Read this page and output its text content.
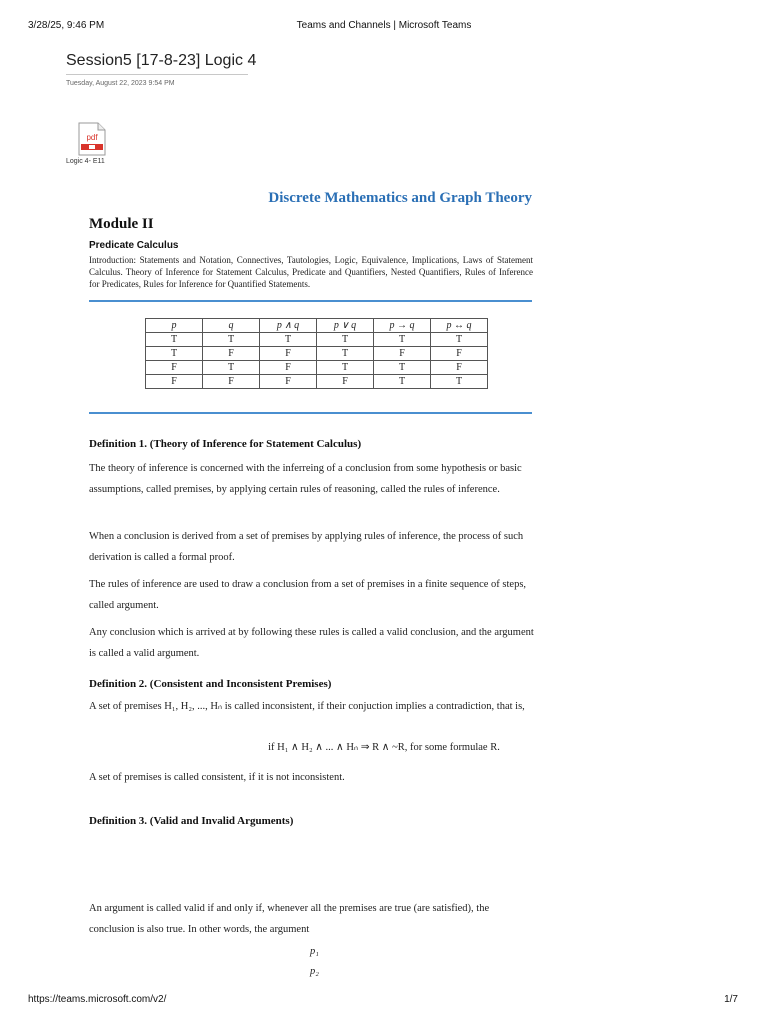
3/28/25, 9:46 PM	Teams and Channels | Microsoft Teams
Session5 [17-8-23] Logic 4
Tuesday, August 22, 2023 9:54 PM
pdf
Logic 4- E11
Discrete Mathematics and Graph Theory
Module II
Predicate Calculus
Introduction: Statements and Notation, Connectives, Tautologies, Logic, Equivalence, Implications, Laws of Statement Calculus. Theory of Inference for Statement Calculus, Predicate and Quantifiers, Nested Quantifiers, Rules of Inference for Predicates, Rules for Inference for Quantified Statements.
p	q	p ∧ q	p ∨ q	p → q	p ↔ q
T	T	T	T	T	T
T	F	F	T	F	F
F	T	F	T	T	F
F	F	F	F	T	T
Definition 1. (Theory of Inference for Statement Calculus)
The theory of inference is concerned with the inferreing of a conclusion from some hypothesis or basic assumptions, called premises, by applying certain rules of reasoning, called the rules of inference.
When a conclusion is derived from a set of premises by applying rules of inference, the process of such derivation is called a formal proof.
The rules of inference are used to draw a conclusion from a set of premises in a finite sequence of steps, called argument.
Any conclusion which is arrived at by following these rules is called a valid conclusion, and the argument is called a valid argument.
Definition 2. (Consistent and Inconsistent Premises)
A set of premises H₁, H₂, ..., Hₙ is called inconsistent, if their conjuction implies a contradiction, that is,
if H₁ ∧ H₂ ∧ ... ∧ Hₙ ⇒ R ∧ ~R, for some formulae R.
A set of premises is called consistent, if it is not inconsistent.
Definition 3. (Valid and Invalid Arguments)
An argument is called valid if and only if, whenever all the premises are true (are satisfied), the conclusion is also true. In other words, the argument
p₁
p₂
https://teams.microsoft.com/v2/	1/7
